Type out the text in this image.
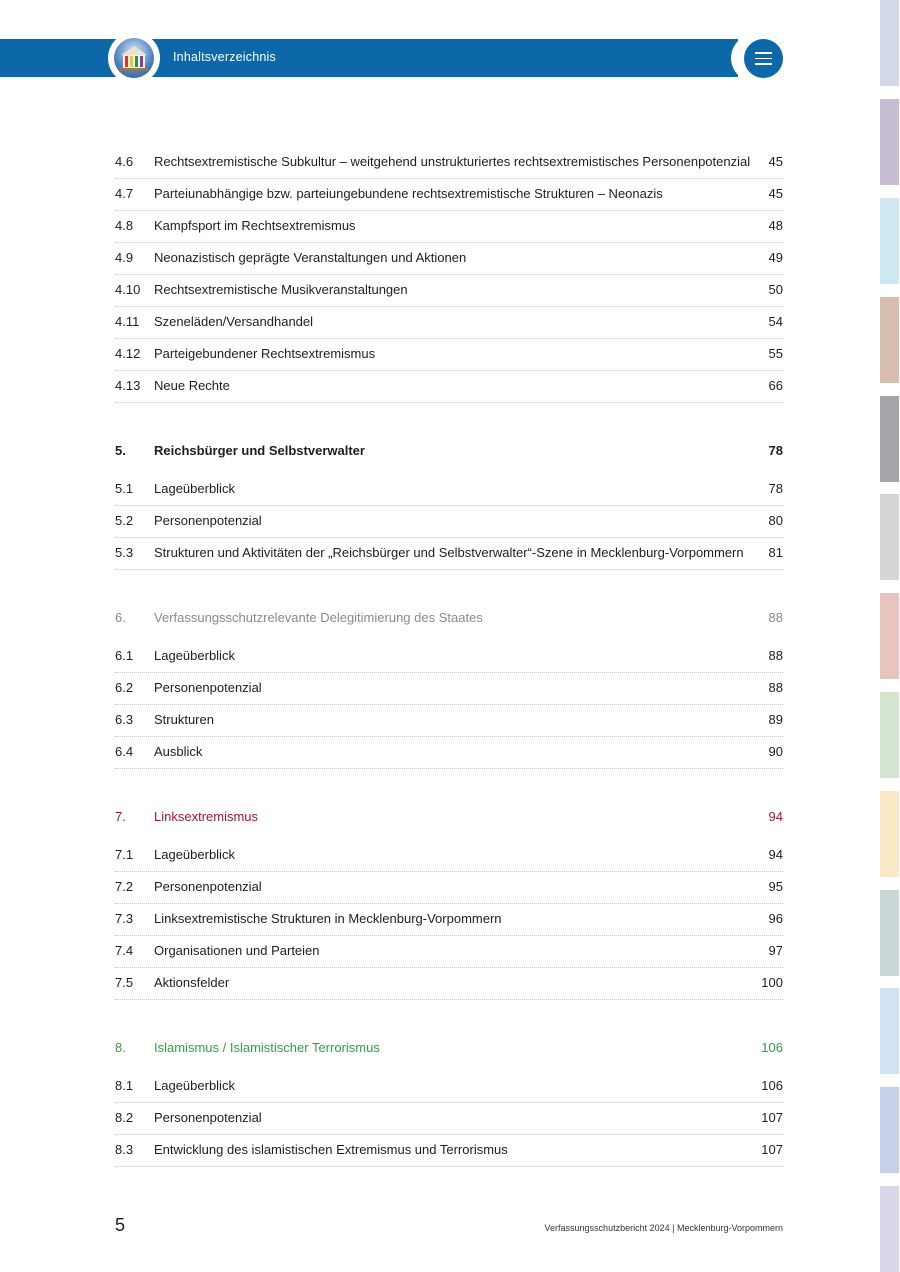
Inhaltsverzeichnis
4.6 Rechtsextremistische Subkultur – weitgehend unstrukturiertes rechtsextremistisches Personenpotenzial 45
4.7 Parteiunabhängige bzw. parteiungebundene rechtsextremistische Strukturen – Neonazis	45
4.8 Kampfsport im Rechtsextremismus	48
4.9 Neonazistisch geprägte Veranstaltungen und Aktionen	49
4.10 Rechtsextremistische Musikveranstaltungen	50
4.11 Szeneläden/Versandhandel	54
4.12 Parteigebundener Rechtsextremismus	55
4.13 Neue Rechte	66
5. Reichsbürger und Selbstverwalter	78
5.1 Lageüberblick	78
5.2 Personenpotenzial	80
5.3 Strukturen und Aktivitäten der „Reichsbürger und Selbstverwalter“-Szene in Mecklenburg-Vorpommern 81
6. Verfassungsschutzrelevante Delegitimierung des Staates	88
6.1 Lageüberblick	88
6.2 Personenpotenzial	88
6.3 Strukturen	89
6.4 Ausblick	90
7. Linksextremismus	94
7.1 Lageüberblick	94
7.2 Personenpotenzial	95
7.3 Linksextremistische Strukturen in Mecklenburg-Vorpommern	96
7.4 Organisationen und Parteien	97
7.5 Aktionsfelder	100
8. Islamismus / Islamistischer Terrorismus	106
8.1 Lageüberblick	106
8.2 Personenpotenzial	107
8.3 Entwicklung des islamistischen Extremismus und Terrorismus	107
5	Verfassungsschutzbericht 2024 | Mecklenburg-Vorpommern
